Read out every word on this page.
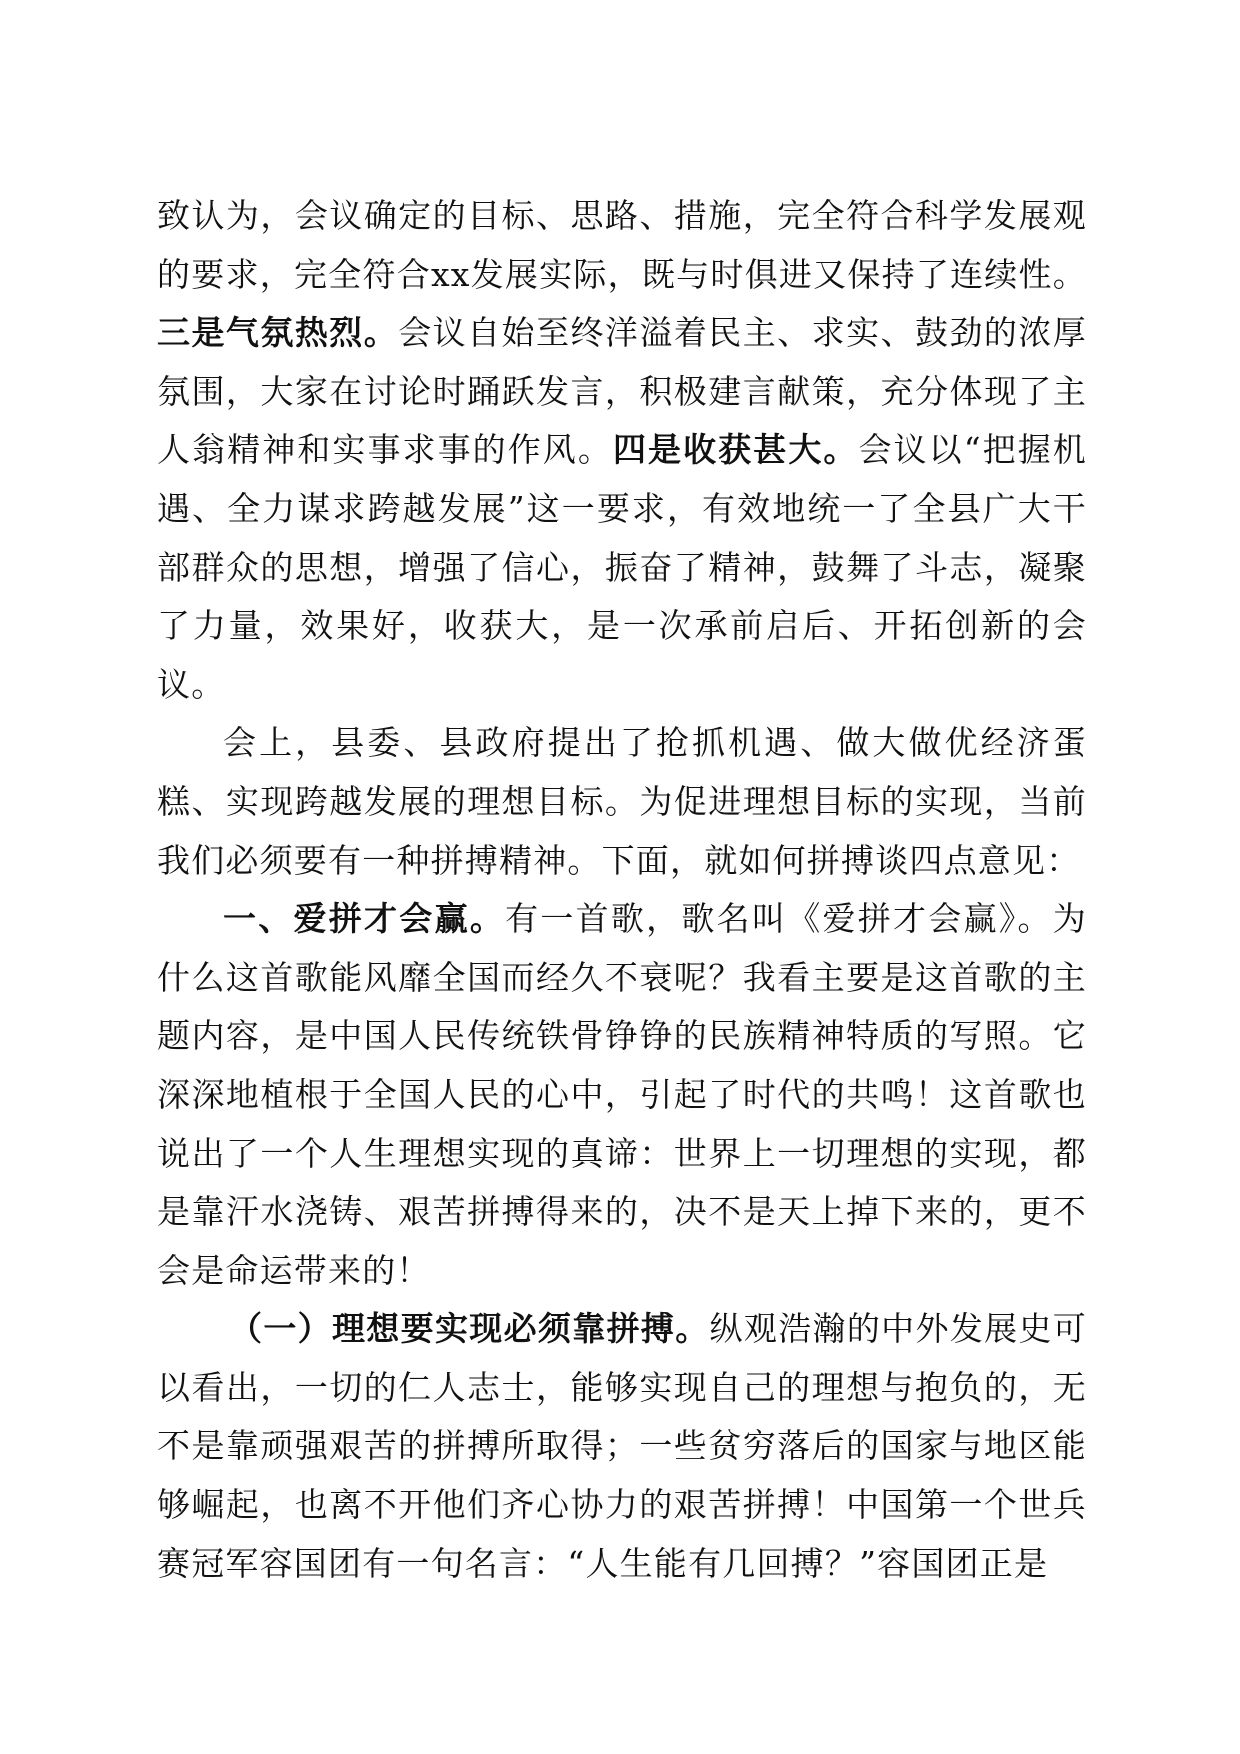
致认为，会议确定的目标、思路、措施，完全符合科学发展观的要求，完全符合xx发展实际，既与时俱进又保持了连续性。三是气氛热烈。会议自始至终洋溢着民主、求实、鼓劲的浓厚氛围，大家在讨论时踊跃发言，积极建言献策，充分体现了主人翁精神和实事求事的作风。四是收获甚大。会议以“把握机遇、全力谋求跨越发展”这一要求，有效地统一了全县广大干部群众的思想，增强了信心，振奋了精神，鼓舞了斗志，凝聚了力量，效果好，收获大，是一次承前启后、开拓创新的会议。

会上，县委、县政府提出了抢抓机遇、做大做优经济蛋糕、实现跨越发展的理想目标。为促进理想目标的实现，当前我们必须要有一种拼搏精神。下面，就如何拼搏谈四点意见：

一、爱拼才会赢。有一首歌，歌名叫《爱拼才会赢》。为什么这首歌能风靡全国而经久不衰呢？我看主要是这首歌的主题内容，是中国人民传统铁骨铮铮的民族精神特质的写照。它深深地植根于全国人民的心中，引起了时代的共鸣！这首歌也说出了一个人生理想实现的真谛：世界上一切理想的实现，都是靠汗水浇铸、艰苦拼搏得来的，决不是天上掉下来的，更不会是命运带来的！

（一）理想要实现必须靠拼搏。纵观浩瀚的中外发展史可以看出，一切的仁人志士，能够实现自己的理想与抱负的，无不是靠顽强艰苦的拼搏所取得；一些贫穷落后的国家与地区能够崛起，也离不开他们齐心协力的艰苦拼搏！中国第一个世兵赛冠军容国团有一句名言：“人生能有几回搏？”容国团正是
